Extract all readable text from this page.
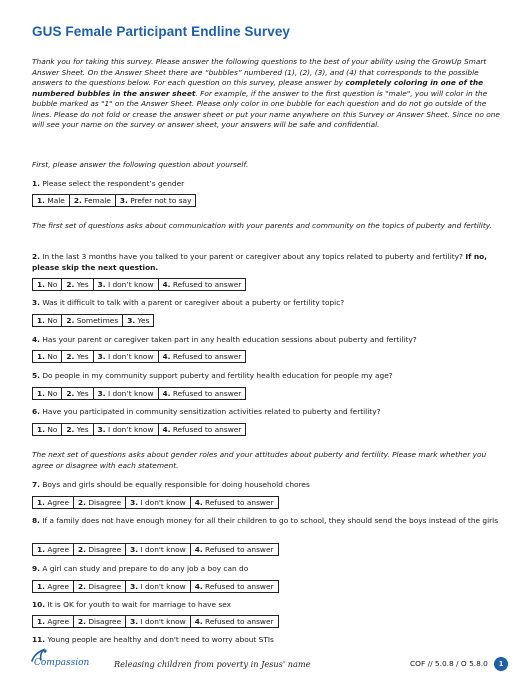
GUS Female Participant Endline Survey
Thank you for taking this survey. Please answer the following questions to the best of your ability using the GrowUp Smart Answer Sheet. On the Answer Sheet there are “bubbles” numbered (1), (2), (3), and (4) that corresponds to the possible answers to the questions below. For each question on this survey, please answer by completely coloring in one of the numbered bubbles in the answer sheet. For example, if the answer to the first question is "male", you will color in the bubble marked as "1" on the Answer Sheet. Please only color in one bubble for each question and do not go outside of the lines. Please do not fold or crease the answer sheet or put your name anywhere on this Survey or Answer Sheet. Since no one will see your name on the survey or answer sheet, your answers will be safe and confidential.
First, please answer the following question about yourself.
1. Please select the respondent’s gender
1. Male	2. Female	3. Prefer not to say
The first set of questions asks about communication with your parents and community on the topics of puberty and fertility.
2. In the last 3 months have you talked to your parent or caregiver about any topics related to puberty and fertility? If no, please skip the next question.
1. No	2. Yes	3. I don’t know	4. Refused to answer
3. Was it difficult to talk with a parent or caregiver about a puberty or fertility topic?
1. No	2. Sometimes	3. Yes
4. Has your parent or caregiver taken part in any health education sessions about puberty and fertility?
1. No	2. Yes	3. I don’t know	4. Refused to answer
5. Do people in my community support puberty and fertility health education for people my age?
1. No	2. Yes	3. I don’t know	4. Refused to answer
6. Have you participated in community sensitization activities related to puberty and fertility?
1. No	2. Yes	3. I don’t know	4. Refused to answer
The next set of questions asks about gender roles and your attitudes about puberty and fertility. Please mark whether you agree or disagree with each statement.
7. Boys and girls should be equally responsible for doing household chores
1. Agree	2. Disagree	3. I don't know	4. Refused to answer
8. If a family does not have enough money for all their children to go to school, they should send the boys instead of the girls
1. Agree	2. Disagree	3. I don't know	4. Refused to answer
9. A girl can study and prepare to do any job a boy can do
1. Agree	2. Disagree	3. I don't know	4. Refused to answer
10. It is OK for youth to wait for marriage to have sex
1. Agree	2. Disagree	3. I don't know	4. Refused to answer
11. Young people are healthy and don't need to worry about STIs
Compassion	Releasing children from poverty in Jesus' name	COF // 5.0.8 / O 5.8.0	1
